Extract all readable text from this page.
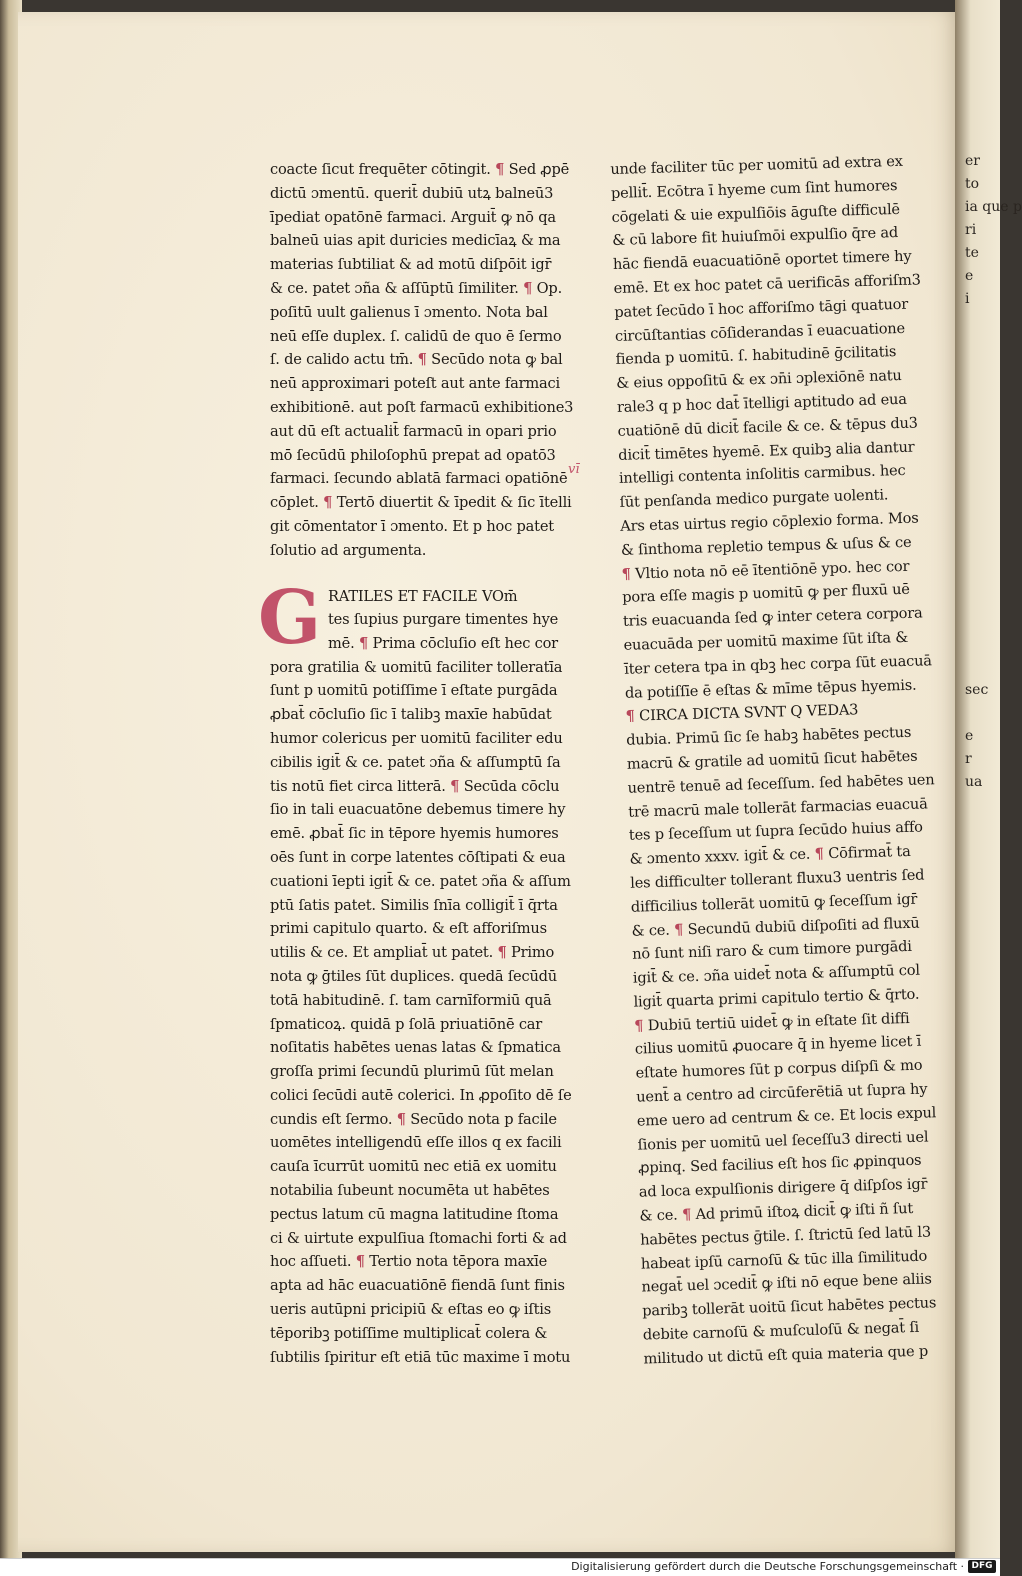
er
to
ia que p
ri
te
e
i
sec
e
r
ua
coacte ſicut frequēter cōtingit. ¶ Sed ꝓpē
dictū ɔmentū. querit̄ dubiū utꝝ balneū3
īpediat opatōnē farmaci. Arguit̄ ꝙ nō qa
balneū uias apit duricies medicīaꝝ & ma
materias ſubtiliat & ad motū diſpōit igr̄
& ce. patet ɔña & aſſūptū ſimiliter. ¶ Op.
poſitū uult galienus ī ɔmento. Nota bal
neū eſſe duplex. ſ. calidū de quo ē ſermo
ſ. de calido actu tm̄. ¶ Secūdo nota ꝙ bal
neū approximari poteſt aut ante farmaci
exhibitionē. aut poſt farmacū exhibitione3
aut dū eſt actualit̄ farmacū in opari prio
mō ſecūdū philoſophū prepat ad opatō3
farmaci. ſecundo ablatā farmaci opatiōnē
cōplet. ¶ Tertō diuertit & īpedit & ſic ītelli
git cōmentator ī ɔmento. Et p hoc patet
ſolutio ad argumenta.
G RATILES ET FACILE VOm̄
tes ſupius purgare timentes hye
mē. ¶ Prima cōcluſio eſt hec cor
pora gratilia & uomitū faciliter tolleratīa
ſunt p uomitū potiſſime ī eſtate purgāda
ꝓbat̄ cōcluſio ſic ī talibꝫ maxīe habūdat
humor colericus per uomitū faciliter edu
cibilis igit̄ & ce. patet ɔña & aſſumptū ſa
tis notū fiet circa litterā. ¶ Secūda cōclu
ſio in tali euacuatōne debemus timere hy
emē. ꝓbat̄ ſic in tēpore hyemis humores
oēs ſunt in corpe latentes cōſtipati & eua
cuationi īepti igit̄ & ce. patet ɔña & aſſum
ptū ſatis patet. Similis ſnīa colligit̄ ī q̄rta
primi capitulo quarto. & eſt afforiſmus
utilis & ce. Et ampliat̄ ut patet. ¶ Primo
nota ꝙ ḡtiles ſūt duplices. quedā ſecūdū
totā habitudinē. ſ. tam carnīformiū quā
ſpmaticoꝝ. quidā p ſolā priuatiōnē car
noſitatis habētes uenas latas & ſpmatica
groſſa primi ſecundū plurimū ſūt melan
colici ſecūdi autē colerici. In ꝓpoſito dē ſe
cundis eſt ſermo. ¶ Secūdo nota p facile
uomētes intelligendū eſſe illos q ex facili
cauſa īcurrūt uomitū nec etiā ex uomitu
notabilia ſubeunt nocumēta ut habētes
pectus latum cū magna latitudine ſtoma
ci & uirtute expulſiua ſtomachi forti & ad
hoc aſſueti. ¶ Tertio nota tēpora maxīe
apta ad hāc euacuatiōnē fiendā ſunt finis
ueris autūpni pricipiū & eſtas eo ꝙ iſtis
tēporibꝫ potiſſime multiplicat̄ colera &
ſubtilis ſpiritur eſt etiā tūc maxime ī motu
vī
unde faciliter tūc per uomitū ad extra ex
pellit̄. Ecōtra ī hyeme cum ſint humores
cōgelati & uie expulſiōis āguſte difficulē
& cū labore fit huiuſmōi expulſio q̄re ad
hāc fiendā euacuatiōnē oportet timere hy
emē. Et ex hoc patet cā uerificās afforiſm3
patet ſecūdo ī hoc afforiſmo tāgi quatuor
circūſtantias cōſiderandas ī euacuatione
fienda p uomitū. ſ. habitudinē ḡcilitatis
& eius oppoſitū & ex ɔn̄i ɔplexiōnē natu
rale3 q p hoc dat̄ ītelligi aptitudo ad eua
cuatiōnē dū dicit̄ facile & ce. & tēpus du3
dicit̄ timētes hyemē. Ex quibꝫ alia dantur
intelligi contenta inſolitis carmibus. hec
ſūt penſanda medico purgate uolenti.
Ars etas uirtus regio cōplexio forma. Mos
& ſinthoma repletio tempus & uſus & ce
¶ Vltio nota nō eē ītentiōnē ypo. hec cor
pora eſſe magis p uomitū ꝙ per fluxū uē
tris euacuanda ſed ꝙ inter cetera corpora
euacuāda per uomitū maxime ſūt iſta &
īter cetera tpa in qbꝫ hec corpa ſūt euacuā
da potiſſīe ē eſtas & mīme tēpus hyemis.
¶ CIRCA DICTA SVNT Q VEDA3
dubia. Primū ſic ſe habꝫ habētes pectus
macrū & gratile ad uomitū ſicut habētes
uentrē tenuē ad ſeceſſum. ſed habētes uen
trē macrū male tollerāt farmacias euacuā
tes p ſeceſſum ut ſupra ſecūdo huius affo
& ɔmento xxxv. igit̄ & ce. ¶ Cōfirmat̄ ta
les difficulter tollerant fluxu3 uentris ſed
difficilius tollerāt uomitū ꝙ ſeceſſum igr̄
& ce. ¶ Secundū dubiū diſpoſiti ad fluxū
nō ſunt niſi raro & cum timore purgādi
igit̄ & ce. ɔña uidet̄ nota & aſſumptū col
ligit̄ quarta primi capitulo tertio & q̄rto.
¶ Dubiū tertiū uidet̄ ꝙ in eſtate ſit diffi
cilius uomitū ꝓuocare q̄ in hyeme licet ī
eſtate humores ſūt p corpus diſpſi & mo
uent̄ a centro ad circūferētiā ut ſupra hy
eme uero ad centrum & ce. Et locis expul
ſionis per uomitū uel ſeceſſu3 directi uel
ꝓpinq. Sed facilius eſt hos ſic ꝓpinquos
ad loca expulſionis dirigere q̄ diſpſos igr̄
& ce. ¶ Ad primū iſtoꝝ dicit̄ ꝙ iſti ñ ſut
habētes pectus ḡtile. ſ. ſtrictū ſed latū l3
habeat ipſū carnoſū & tūc illa ſimilitudo
negat̄ uel ɔcedit̄ ꝙ iſti nō eque bene aliis
paribꝫ tollerāt uoitū ſicut habētes pectus
debite carnoſū & muſculoſū & negat̄ ſi
militudo ut dictū eſt quia materia que p
Digitalisierung gefördert durch die Deutsche Forschungsgemeinschaft · DFG
